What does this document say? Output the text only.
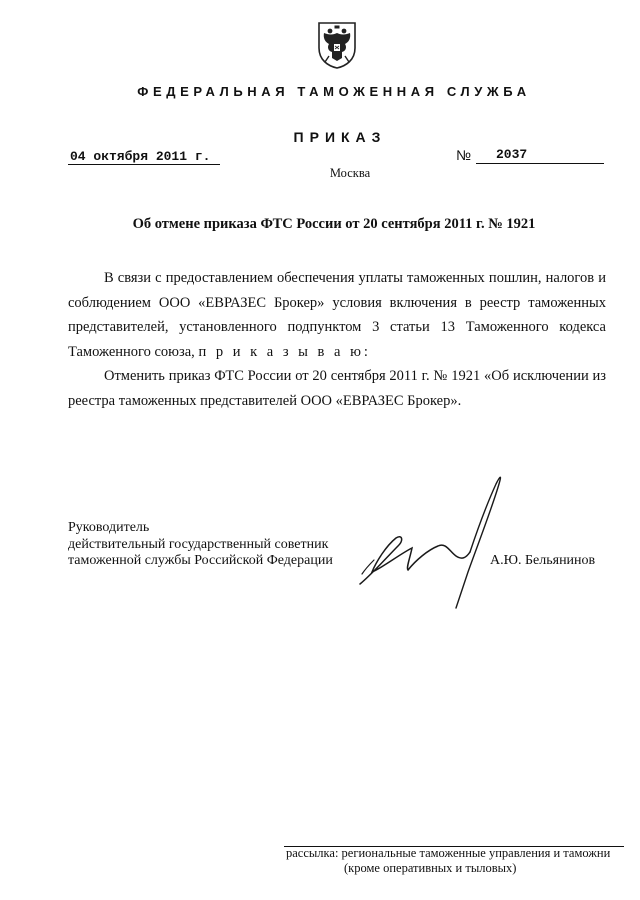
ФЕДЕРАЛЬНАЯ ТАМОЖЕННАЯ СЛУЖБА
ПРИКАЗ
04 октября 2011 г.	№ 2037
Москва
Об отмене приказа ФТС России от 20 сентября 2011 г. № 1921

В связи с предоставлением обеспечения уплаты таможенных пошлин, налогов и соблюдением ООО «ЕВРАЗЕС Брокер» условия включения в реестр таможенных представителей, установленного подпунктом 3 статьи 13 Таможенного кодекса Таможенного союза, п р и к а з ы в а ю:

Отменить приказ ФТС России от 20 сентября 2011 г. № 1921 «Об исключении из реестра таможенных представителей ООО «ЕВРАЗЕС Брокер».

Руководитель
действительный государственный советник
таможенной службы Российской Федерации	А.Ю. Бельянинов
рассылка: региональные таможенные управления и таможни
(кроме оперативных и тыловых)
